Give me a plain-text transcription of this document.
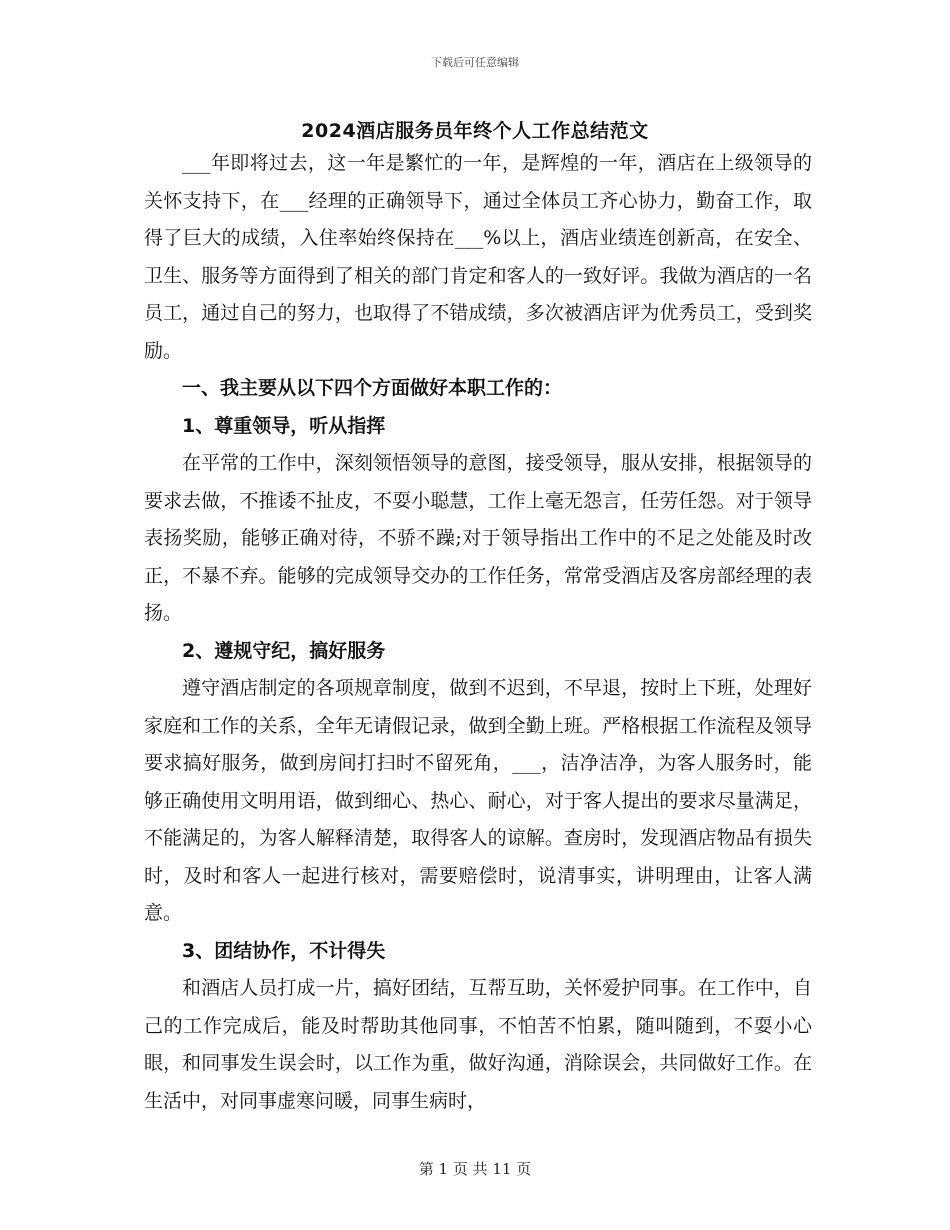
下载后可任意编辑
2024酒店服务员年终个人工作总结范文

___年即将过去，这一年是繁忙的一年，是辉煌的一年，酒店在上级领导的关怀支持下，在___经理的正确领导下，通过全体员工齐心协力，勤奋工作，取得了巨大的成绩，入住率始终保持在___%以上，酒店业绩连创新高，在安全、卫生、服务等方面得到了相关的部门肯定和客人的一致好评。我做为酒店的一名员工，通过自己的努力，也取得了不错成绩，多次被酒店评为优秀员工，受到奖励。

一、我主要从以下四个方面做好本职工作的：
1、尊重领导，听从指挥

在平常的工作中，深刻领悟领导的意图，接受领导，服从安排，根据领导的要求去做，不推诿不扯皮，不耍小聪慧，工作上毫无怨言，任劳任怨。对于领导表扬奖励，能够正确对待，不骄不躁;对于领导指出工作中的不足之处能及时改正，不暴不弃。能够的完成领导交办的工作任务，常常受酒店及客房部经理的表扬。

2、遵规守纪，搞好服务

遵守酒店制定的各项规章制度，做到不迟到，不早退，按时上下班，处理好家庭和工作的关系，全年无请假记录，做到全勤上班。严格根据工作流程及领导要求搞好服务，做到房间打扫时不留死角，___，洁净洁净，为客人服务时，能够正确使用文明用语，做到细心、热心、耐心，对于客人提出的要求尽量满足，不能满足的，为客人解释清楚，取得客人的谅解。查房时，发现酒店物品有损失时，及时和客人一起进行核对，需要赔偿时，说清事实，讲明理由，让客人满意。

3、团结协作，不计得失

和酒店人员打成一片，搞好团结，互帮互助，关怀爱护同事。在工作中，自己的工作完成后，能及时帮助其他同事，不怕苦不怕累，随叫随到，不耍小心眼，和同事发生误会时，以工作为重，做好沟通，消除误会，共同做好工作。在生活中，对同事虚寒问暖，同事生病时，

第 1 页 共 11 页
